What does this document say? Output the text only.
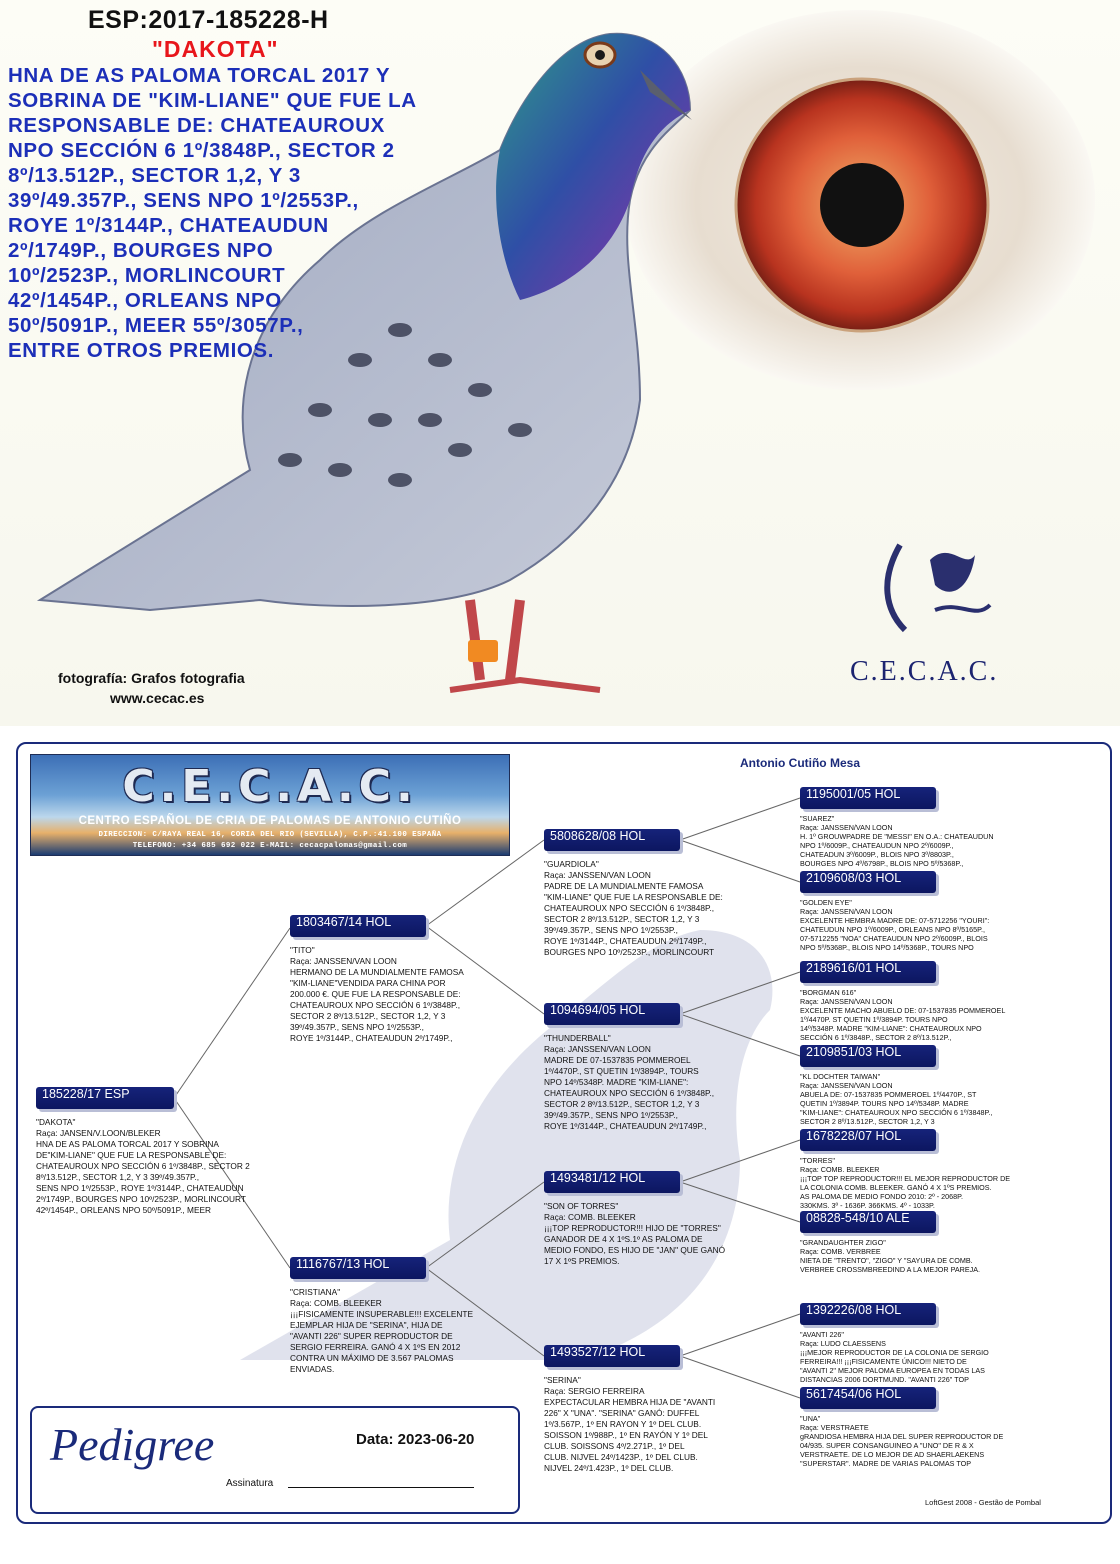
ESP:2017-185228-H
"DAKOTA"
HNA DE AS PALOMA TORCAL 2017 Y
SOBRINA DE "KIM-LIANE" QUE FUE LA
RESPONSABLE DE: CHATEAUROUX
NPO SECCIÓN 6 1º/3848P., SECTOR 2
8º/13.512P., SECTOR 1,2, Y 3
39º/49.357P., SENS NPO 1º/2553P.,
ROYE 1º/3144P., CHATEAUDUN
2º/1749P., BOURGES NPO
10º/2523P., MORLINCOURT
42º/1454P., ORLEANS NPO
50º/5091P., MEER 55º/3057P.,
ENTRE OTROS PREMIOS.
fotografía: Grafos fotografia
www.cecac.es
C.E.C.A.C.
C.E.C.A.C.
CENTRO ESPAÑOL DE CRIA DE PALOMAS DE ANTONIO CUTIÑO
DIRECCION: C/RAYA REAL 16, CORIA DEL RIO (SEVILLA), C.P.:41.100 ESPAÑA
TELEFONO: +34 685 692 022 E-MAIL: cecacpalomas@gmail.com
Antonio Cutiño Mesa
185228/17 ESP
"DAKOTA"
Raça: JANSEN/V.LOON/BLEKER
HNA DE AS PALOMA TORCAL 2017 Y SOBRINA
DE"KIM-LIANE" QUE FUE LA RESPONSABLE DE:
CHATEAUROUX NPO SECCIÓN 6 1º/3848P., SECTOR 2
8º/13.512P., SECTOR 1,2, Y 3 39º/49.357P.,
SENS NPO 1º/2553P., ROYE 1º/3144P., CHATEAUDUN
2º/1749P., BOURGES NPO 10º/2523P., MORLINCOURT
42º/1454P., ORLEANS NPO 50º/5091P., MEER
1803467/14 HOL
"TITO"
Raça: JANSSEN/VAN LOON
HERMANO DE LA MUNDIALMENTE FAMOSA
"KIM-LIANE"VENDIDA PARA CHINA POR
200.000 €. QUE FUE LA RESPONSABLE DE:
CHATEAUROUX NPO SECCIÓN 6 1º/3848P.,
SECTOR 2 8º/13.512P., SECTOR 1,2, Y 3
39º/49.357P., SENS NPO 1º/2553P.,
ROYE 1º/3144P., CHATEAUDUN 2º/1749P.,
1116767/13 HOL
"CRISTIANA"
Raça: COMB. BLEEKER
¡¡¡FISICAMENTE INSUPERABLE!!! EXCELENTE
EJEMPLAR HIJA DE "SERINA", HIJA DE
"AVANTI 226" SUPER REPRODUCTOR DE
SERGIO FERREIRA. GANÓ 4 X 1ºS EN 2012
CONTRA UN MÁXIMO DE 3.567 PALOMAS
ENVIADAS.
5808628/08 HOL
"GUARDIOLA"
Raça: JANSSEN/VAN LOON
PADRE DE LA MUNDIALMENTE FAMOSA
"KIM-LIANE" QUE FUE LA RESPONSABLE DE:
CHATEAUROUX NPO SECCIÓN 6 1º/3848P.,
SECTOR 2 8º/13.512P., SECTOR 1,2, Y 3
39º/49.357P., SENS NPO 1º/2553P.,
ROYE 1º/3144P., CHATEAUDUN 2º/1749P.,
BOURGES NPO 10º/2523P., MORLINCOURT
1094694/05 HOL
"THUNDERBALL"
Raça: JANSSEN/VAN LOON
MADRE DE 07-1537835 POMMEROEL
1º/4470P., ST QUETIN 1º/3894P., TOURS
NPO 14º/5348P. MADRE "KIM-LIANE":
CHATEAUROUX NPO SECCIÓN 6 1º/3848P.,
SECTOR 2 8º/13.512P., SECTOR 1,2, Y 3
39º/49.357P., SENS NPO 1º/2553P.,
ROYE 1º/3144P., CHATEAUDUN 2º/1749P.,
1493481/12 HOL
"SON OF TORRES"
Raça: COMB. BLEEKER
¡¡¡TOP REPRODUCTOR!!! HIJO DE "TORRES"
GANADOR DE 4 X 1ºS.1º AS PALOMA DE
MEDIO FONDO, ES HIJO DE "JAN" QUE GANÓ
17 X 1ºS PREMIOS.
1493527/12 HOL
"SERINA"
Raça: SERGIO FERREIRA
EXPECTACULAR HEMBRA HIJA DE "AVANTI
226" X "UNA". "SERINA" GANÓ: DUFFEL
1º/3.567P., 1º EN RAYON Y 1º DEL CLUB.
SOISSON 1º/988P., 1º EN RAYÓN Y 1º DEL
CLUB. SOISSONS 4º/2.271P., 1º DEL
CLUB. NIJVEL 24º/1423P., 1º DEL CLUB.
NIJVEL 24º/1.423P., 1º DEL CLUB.
1195001/05 HOL
"SUAREZ"
Raça: JANSSEN/VAN LOON
H. 1º GROUWPADRE DE "MESSI" EN O.A.: CHATEAUDUN
NPO 1º/6009P., CHATEAUDUN NPO 2º/6009P.,
CHATEADUN 3º/6009P., BLOIS NPO 3º/8803P.,
BOURGES NPO 4º/6798P., BLOIS NPO 5º/5368P.,
2109608/03 HOL
"GOLDEN EYE"
Raça: JANSSEN/VAN LOON
EXCELENTE HEMBRA MADRE DE: 07-5712256 "YOURI":
CHATEUDUN NPO 1º/6009P., ORLEANS NPO 8º/5165P.,
07-5712255 "NOA" CHATEAUDUN NPO 2º/6009P., BLOIS
NPO 5º/5368P., BLOIS NPO 14º/5368P., TOURS NPO
2189616/01 HOL
"BORGMAN 616"
Raça: JANSSEN/VAN LOON
EXCELENTE MACHO ABUELO DE: 07-1537835 POMMEROEL
1º/4470P. ST QUETIN 1º/3894P. TOURS NPO
14º/5348P. MADRE "KIM-LIANE": CHATEAUROUX NPO
SECCIÓN 6 1º/3848P., SECTOR 2 8º/13.512P.,
2109851/03 HOL
"KL DOCHTER TAIWAN"
Raça: JANSSEN/VAN LOON
ABUELA DE: 07-1537835 POMMEROEL 1º/4470P., ST
QUETIN 1º/3894P. TOURS NPO 14º/5348P. MADRE
"KIM-LIANE": CHATEAUROUX NPO SECCIÓN 6 1º/3848P.,
SECTOR 2 8º/13.512P., SECTOR 1,2, Y 3
1678228/07 HOL
"TORRES"
Raça: COMB. BLEEKER
¡¡¡TOP TOP REPRODUCTOR!!! EL MEJOR REPRODUCTOR DE
LA COLONIA COMB. BLEEKER. GANÓ 4 X 1ºS PREMIOS.
AS PALOMA DE MEDIO FONDO 2010: 2º - 2068P.
330KMS. 3º - 1636P. 366KMS. 4º - 1033P.
08828-548/10 ALE
"GRANDAUGHTER ZIGO"
Raça: COMB. VERBREE
NIETA DE "TRENTO", "ZIGO" Y "SAYURA DE COMB.
VERBREE CROSSMBREEDIND A LA MEJOR PAREJA.
1392226/08 HOL
"AVANTI 226"
Raça: LUDO CLAESSENS
¡¡¡MEJOR REPRODUCTOR DE LA COLONIA DE SERGIO
FERREIRA!!! ¡¡¡FISICAMENTE ÚNICO!!! NIETO DE
"AVANTI 2" MEJOR PALOMA EUROPEA EN TODAS LAS
DISTANCIAS 2006 DORTMUND. "AVANTI 226" TOP
5617454/06 HOL
"UNA"
Raça: VERSTRAETE
gRANDIOSA HEMBRA HIJA DEL SUPER REPRODUCTOR DE
04/935. SUPER CONSANGUINEO A "UNO" DE R & X
VERSTRAETE. DE LO MEJOR DE AD SHAERLAEKENS
"SUPERSTAR". MADRE DE VARIAS PALOMAS TOP
Pedigree	Data: 2023-06-20
Assinatura
LoftGest 2008 - Gestão de Pombal
